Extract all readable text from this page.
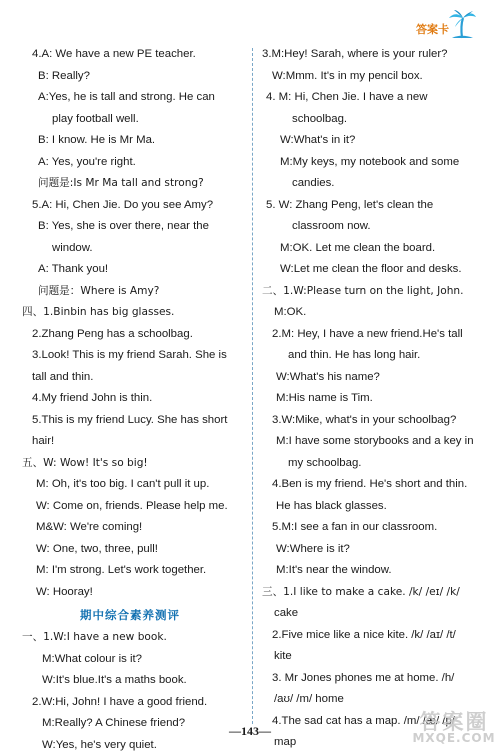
答案卡
4.A: We have a new PE teacher.
B: Really?
A:Yes, he is tall and strong. He can
play football well.
B: I know. He is Mr Ma.
A: Yes, you're right.
问题是:Is Mr Ma tall and strong?
5.A: Hi, Chen Jie. Do you see Amy?
B: Yes, she is over there, near the
window.
A: Thank you!
问题是：Where is Amy?
四、1.Binbin has big glasses.
2.Zhang Peng has a schoolbag.
3.Look! This is my friend Sarah. She is
tall and thin.
4.My friend John is thin.
5.This is my friend Lucy. She has short
hair!
五、W: Wow! It's so big!
M: Oh, it's too big. I can't pull it up.
W: Come on, friends. Please help me.
M&W: We're coming!
W: One, two, three, pull!
M: I'm strong. Let's work together.
W: Hooray!
期中综合素养测评
一、1.W:I have a new book.
M:What colour is it?
W:It's blue.It's a maths book.
2.W:Hi, John! I have a good friend.
M:Really? A Chinese friend?
W:Yes, he's very quiet.
3.M:Hey! Sarah, where is your ruler?
W:Mmm. It's in my pencil box.
4. M: Hi, Chen Jie. I have a new
schoolbag.
W:What's in it?
M:My keys, my notebook and some
candies.
5. W: Zhang Peng, let's clean the
classroom now.
M:OK. Let me clean the board.
W:Let me clean the floor and desks.
二、1.W:Please turn on the light, John.
M:OK.
2.M: Hey, I have a new friend.He's tall
and thin. He has long hair.
W:What's his name?
M:His name is Tim.
3.W:Mike, what's in your schoolbag?
M:I have some storybooks and a key in
my schoolbag.
4.Ben is my friend. He's short and thin.
He has black glasses.
5.M:I see a fan in our classroom.
W:Where is it?
M:It's near the window.
三、1.I like to make a cake. /k/ /eɪ/ /k/
cake
2.Five mice like a nice kite. /k/ /aɪ/ /t/
kite
3. Mr Jones phones me at home. /h/
/aʊ/ /m/ home
4.The sad cat has a map. /m/ /æ/ /p/
map
—143—	答案圈
MXQE.COM
